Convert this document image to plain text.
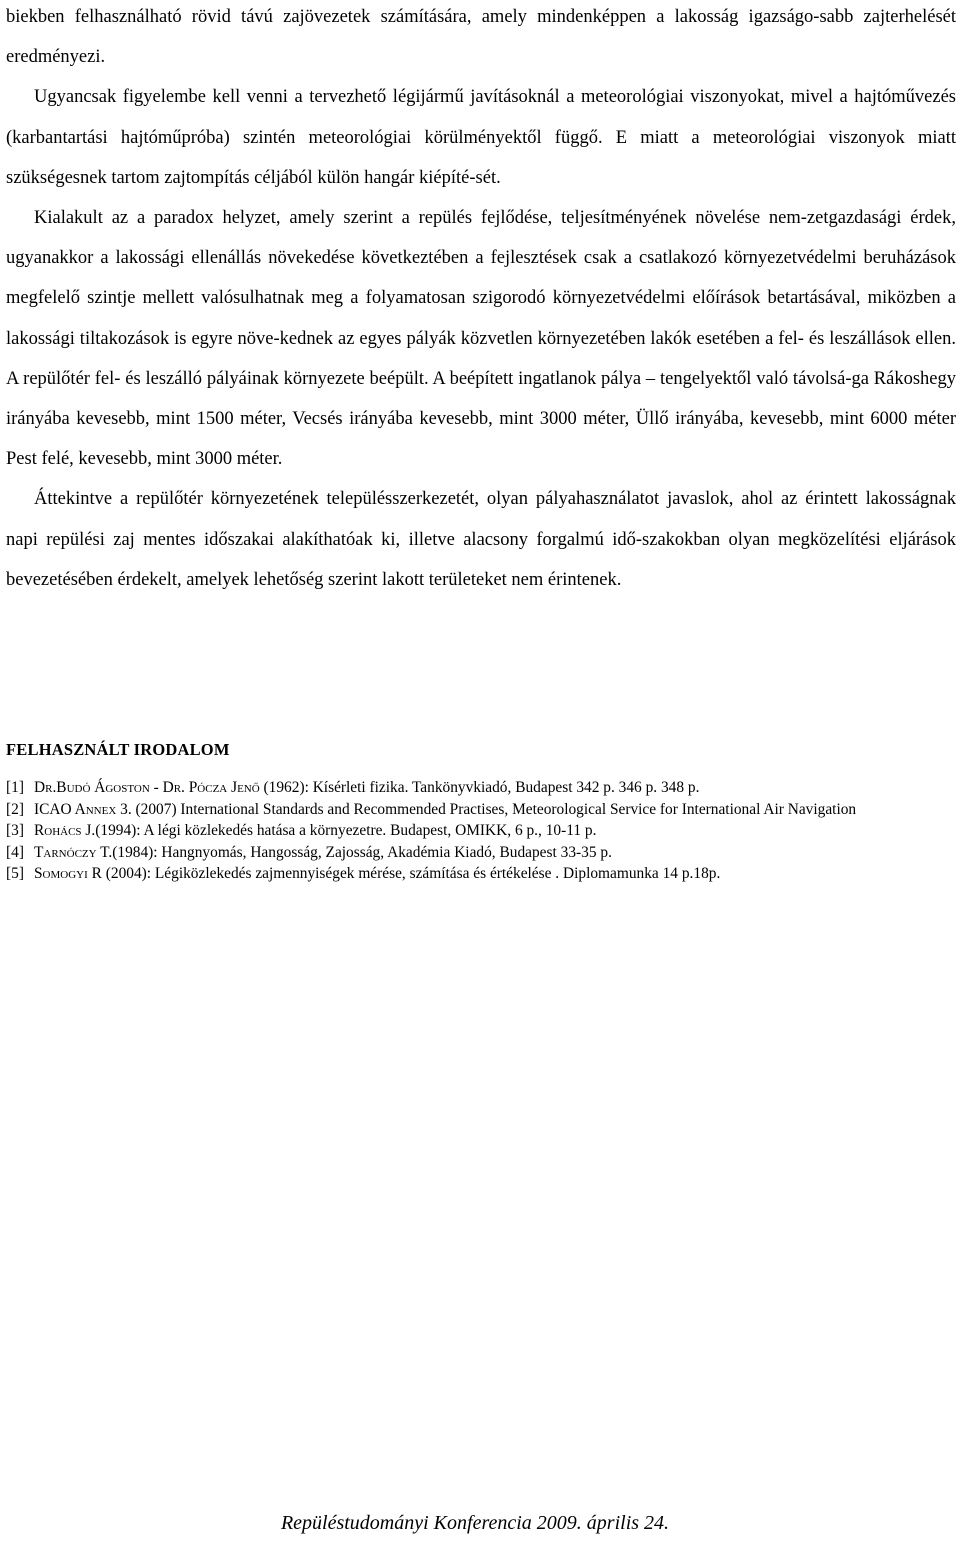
biekben felhasználható rövid távú zajövezetek számítására, amely mindenképpen a lakosság igazságo-sabb zajterhelését eredményezi.

Ugyancsak figyelembe kell venni a tervezhető légijármű javításoknál a meteorológiai viszonyokat, mivel a hajtóművezés (karbantartási hajtóműpróba) szintén meteorológiai körülményektől függő. E miatt a meteorológiai viszonyok miatt szükségesnek tartom zajtompítás céljából külön hangár kiépíté-sét.

Kialakult az a paradox helyzet, amely szerint a repülés fejlődése, teljesítményének növelése nem-zetgazdasági érdek, ugyanakkor a lakossági ellenállás növekedése következtében a fejlesztések csak a csatlakozó környezetvédelmi beruházások megfelelő szintje mellett valósulhatnak meg a folyamatosan szigorodó környezetvédelmi előírások betartásával, miközben a lakossági tiltakozások is egyre növe-kednek az egyes pályák közvetlen környezetében lakók esetében a fel- és leszállások ellen. A repülőtér fel- és leszálló pályáinak környezete beépült. A beépített ingatlanok pálya – tengelyektől való távolsá-ga Rákoshegy irányába kevesebb, mint 1500 méter, Vecsés irányába kevesebb, mint 3000 méter, Üllő irányába, kevesebb, mint 6000 méter Pest felé, kevesebb, mint 3000 méter.

Áttekintve a repülőtér környezetének településszerkezetét, olyan pályahasználatot javaslok, ahol az érintett lakosságnak napi repülési zaj mentes időszakai alakíthatóak ki, illetve alacsony forgalmú idő-szakokban olyan megközelítési eljárások bevezetésében érdekelt, amelyek lehetőség szerint lakott területeket nem érintenek.

FELHASZNÁLT IRODALOM
[1] Dr.Budó Ágoston - Dr. Pócza Jenő (1962): Kísérleti fizika. Tankönyvkiadó, Budapest 342 p. 346 p. 348 p.
[2] ICAO Annex 3. (2007) International Standards and Recommended Practises, Meteorological Service for International Air Navigation
[3] Rohács J.(1994): A légi közlekedés hatása a környezetre. Budapest, OMIKK, 6 p., 10-11 p.
[4] Tarnóczy T.(1984): Hangnyomás, Hangosság, Zajosság, Akadémia Kiadó, Budapest 33-35 p.
[5] Somogyi R (2004): Légiközlekedés zajmennyiségek mérése, számítása és értékelése . Diplomamunka 14 p.18p.
Repüléstudományi Konferencia 2009. április 24.
